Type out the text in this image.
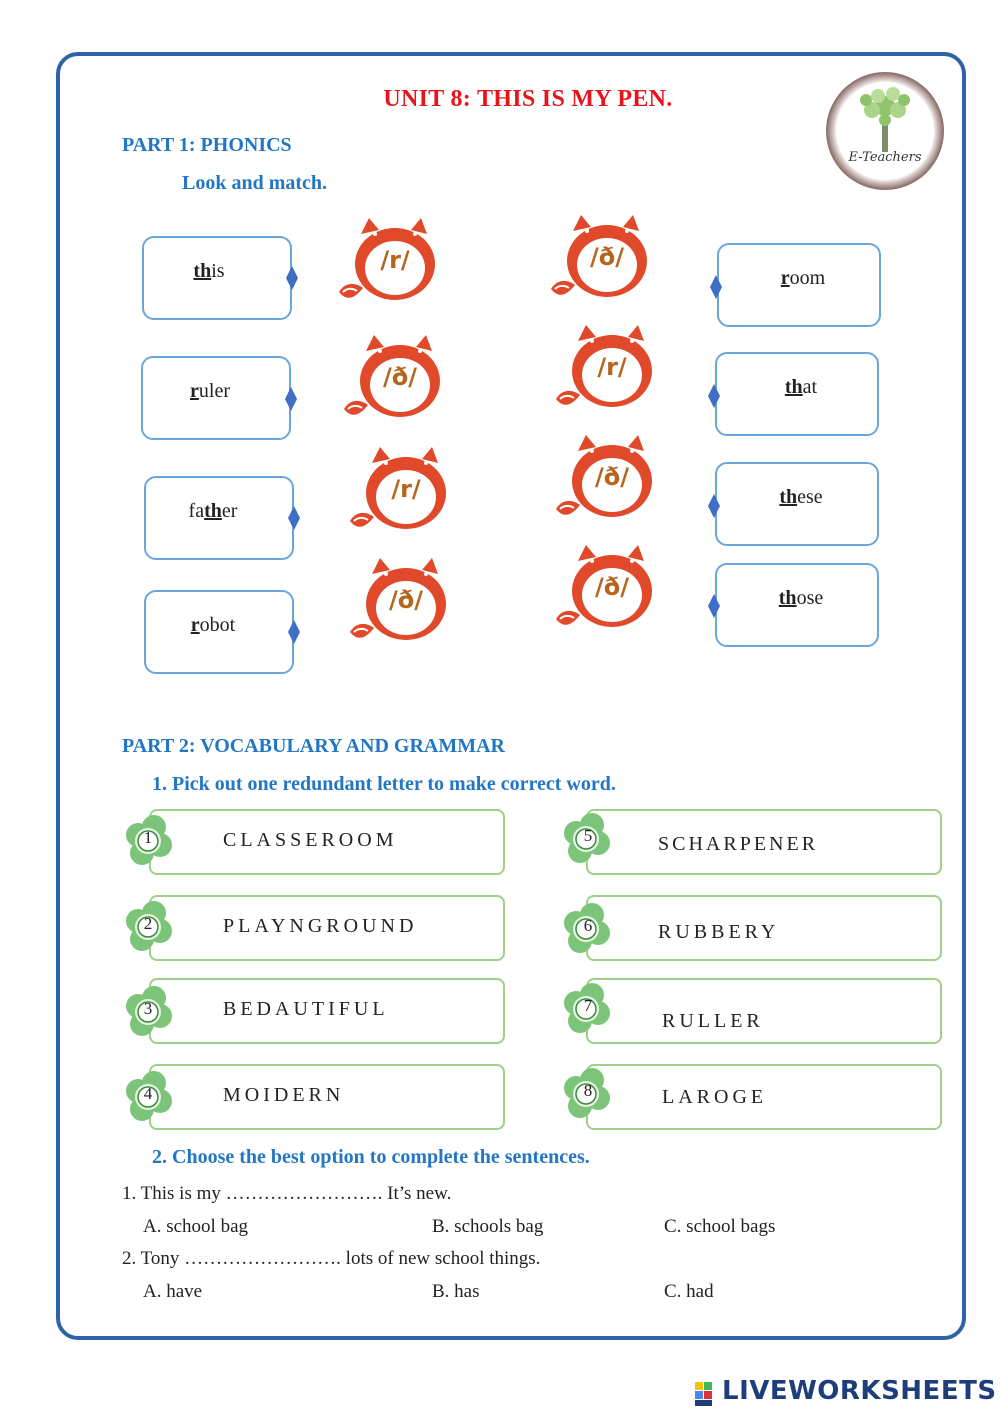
UNIT 8: THIS IS MY PEN.
E-Teachers
PART 1: PHONICS
Look and match.
this
ruler
father
robot
room
that
these
those
/r/
/ð/
/r/
/ð/
/ð/
/r/
/ð/
/ð/
PART 2: VOCABULARY AND GRAMMAR
1. Pick out one redundant letter to make correct word.
CLASSEROOM
PLAYNGROUND
BEDAUTIFUL
MOIDERN
SCHARPENER
RUBBERY
RULLER
LAROGE
1
2
3
4
5
6
7
8
2. Choose the best option to complete the sentences.
1. This is my ……………………. It’s new.
A. school bag	B. schools bag	C. school bags
2. Tony ……………………. lots of new school things.
A. have	B. has	C. had
LIVEWORKSHEETS
